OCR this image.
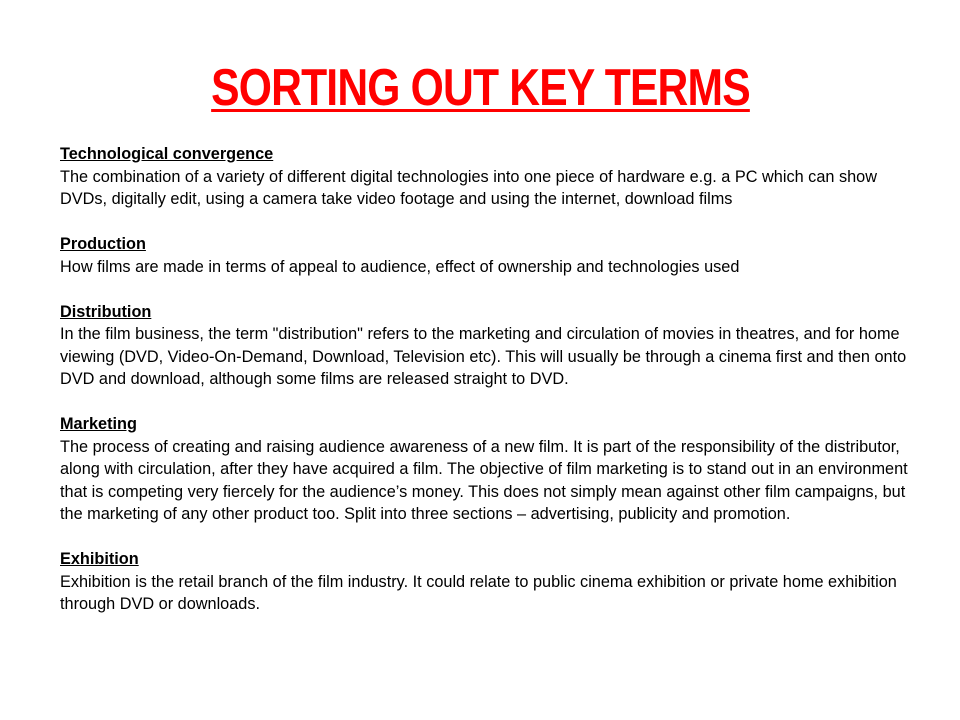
SORTING OUT KEY TERMS
Technological convergence
The combination of a variety of different digital technologies into one piece of hardware e.g. a PC which can show DVDs, digitally edit, using a camera take video footage and using the internet, download films
Production
How films are made in terms of appeal to audience, effect of ownership and technologies used
Distribution
In the film business, the term "distribution" refers to the marketing and circulation of movies in theatres, and for home viewing (DVD, Video-On-Demand, Download, Television etc). This will usually be through a cinema first and then onto DVD and download, although some films are released straight to DVD.
Marketing
The process of creating and raising audience awareness of a new film. It is part of the responsibility of the distributor, along with circulation, after they have acquired a film. The objective of film marketing is to stand out in an environment that is competing very fiercely for the audience’s money. This does not simply mean against other film campaigns, but the marketing of any other product too. Split into three sections – advertising, publicity and promotion.
Exhibition
Exhibition is the retail branch of the film industry. It could relate to public cinema exhibition or private home exhibition through DVD or downloads.
